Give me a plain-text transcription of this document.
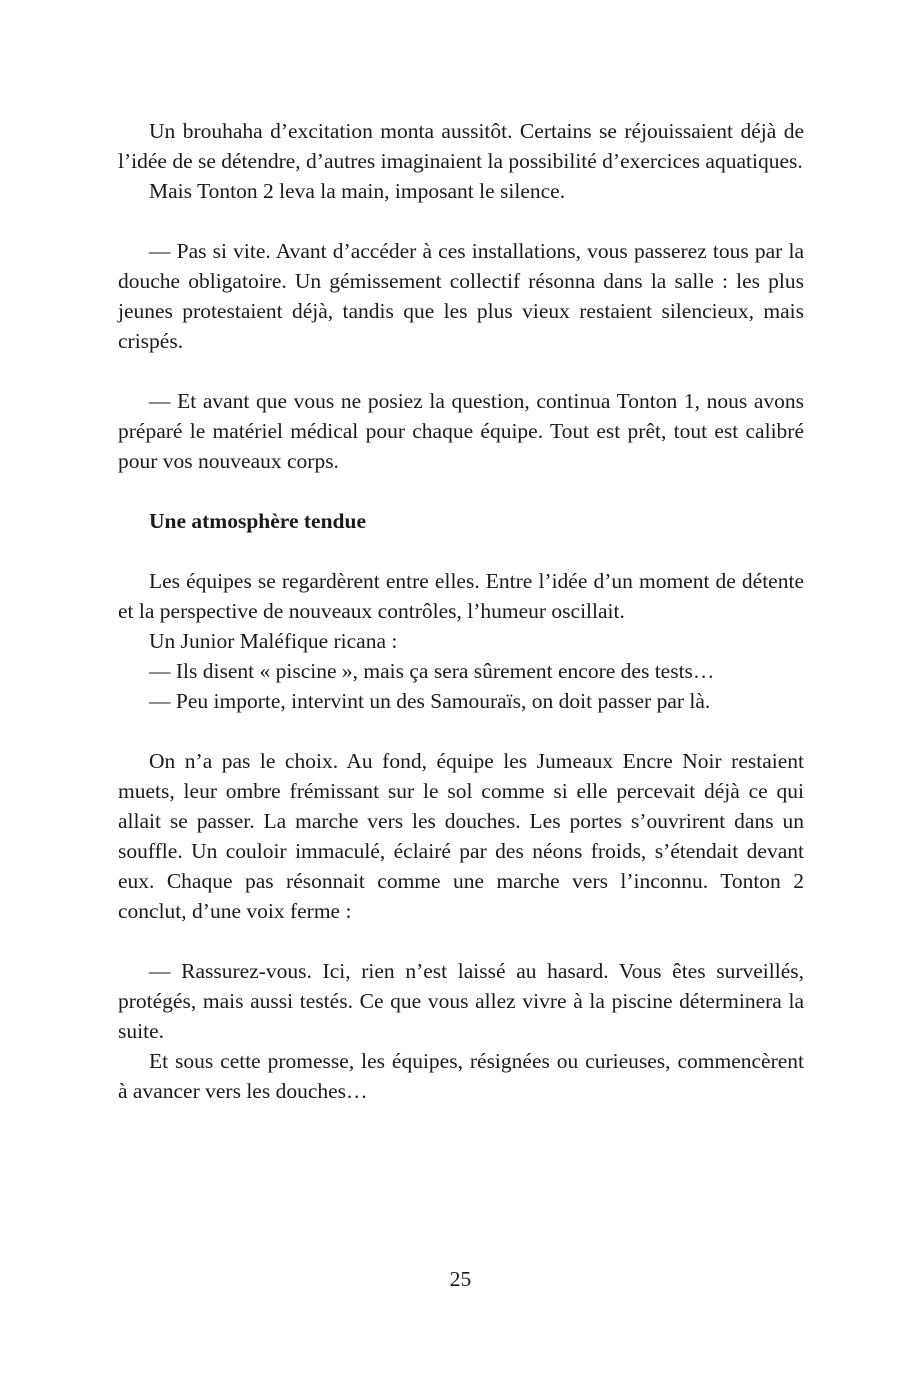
Un brouhaha d’excitation monta aussitôt. Certains se réjouissaient déjà de l’idée de se détendre, d’autres imaginaient la possibilité d’exercices aquatiques.

Mais Tonton 2 leva la main, imposant le silence.

— Pas si vite. Avant d’accéder à ces installations, vous passerez tous par la douche obligatoire. Un gémissement collectif résonna dans la salle : les plus jeunes protestaient déjà, tandis que les plus vieux restaient silencieux, mais crispés.

— Et avant que vous ne posiez la question, continua Tonton 1, nous avons préparé le matériel médical pour chaque équipe. Tout est prêt, tout est calibré pour vos nouveaux corps.

Une atmosphère tendue

Les équipes se regardèrent entre elles. Entre l’idée d’un moment de détente et la perspective de nouveaux contrôles, l’humeur oscillait.

Un Junior Maléfique ricana :

— Ils disent « piscine », mais ça sera sûrement encore des tests…

— Peu importe, intervint un des Samouraïs, on doit passer par là.

On n’a pas le choix. Au fond, équipe les Jumeaux Encre Noir restaient muets, leur ombre frémissant sur le sol comme si elle percevait déjà ce qui allait se passer. La marche vers les douches. Les portes s’ouvrirent dans un souffle. Un couloir immaculé, éclairé par des néons froids, s’étendait devant eux. Chaque pas résonnait comme une marche vers l’inconnu. Tonton 2 conclut, d’une voix ferme :

— Rassurez-vous. Ici, rien n’est laissé au hasard. Vous êtes surveillés, protégés, mais aussi testés. Ce que vous allez vivre à la piscine déterminera la suite.

Et sous cette promesse, les équipes, résignées ou curieuses, commencèrent à avancer vers les douches…

25
